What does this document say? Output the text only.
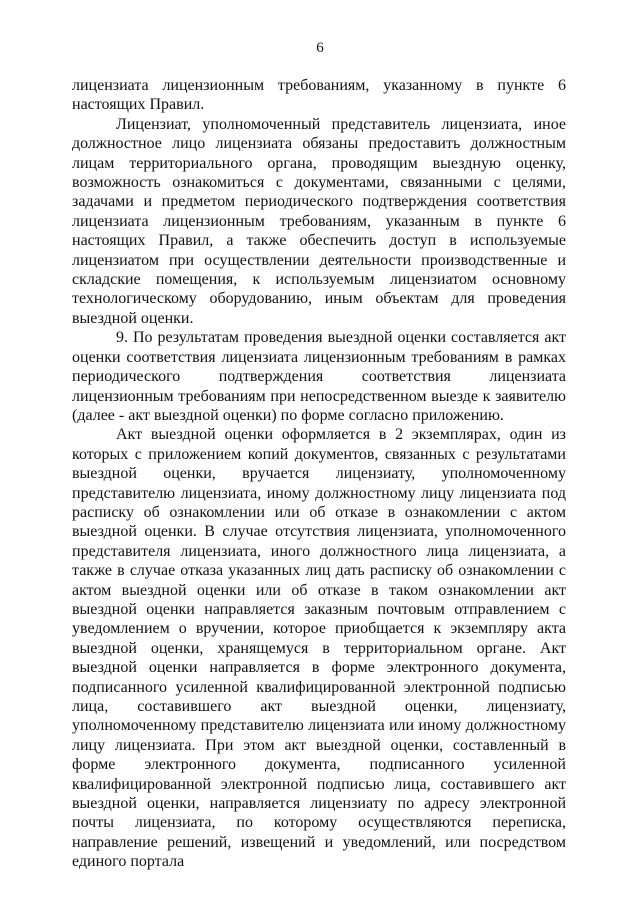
6

лицензиата лицензионным требованиям, указанному в пункте 6 настоящих Правил.

Лицензиат, уполномоченный представитель лицензиата, иное должностное лицо лицензиата обязаны предоставить должностным лицам территориального органа, проводящим выездную оценку, возможность ознакомиться с документами, связанными с целями, задачами и предметом периодического подтверждения соответствия лицензиата лицензионным требованиям, указанным в пункте 6 настоящих Правил, а также обеспечить доступ в используемые лицензиатом при осуществлении деятельности производственные и складские помещения, к используемым лицензиатом основному технологическому оборудованию, иным объектам для проведения выездной оценки.

9. По результатам проведения выездной оценки составляется акт оценки соответствия лицензиата лицензионным требованиям в рамках периодического подтверждения соответствия лицензиата лицензионным требованиям при непосредственном выезде к заявителю (далее - акт выездной оценки) по форме согласно приложению.

Акт выездной оценки оформляется в 2 экземплярах, один из которых с приложением копий документов, связанных с результатами выездной оценки, вручается лицензиату, уполномоченному представителю лицензиата, иному должностному лицу лицензиата под расписку об ознакомлении или об отказе в ознакомлении с актом выездной оценки. В случае отсутствия лицензиата, уполномоченного представителя лицензиата, иного должностного лица лицензиата, а также в случае отказа указанных лиц дать расписку об ознакомлении с актом выездной оценки или об отказе в таком ознакомлении акт выездной оценки направляется заказным почтовым отправлением с уведомлением о вручении, которое приобщается к экземпляру акта выездной оценки, хранящемуся в территориальном органе. Акт выездной оценки направляется в форме электронного документа, подписанного усиленной квалифицированной электронной подписью лица, составившего акт выездной оценки, лицензиату, уполномоченному представителю лицензиата или иному должностному лицу лицензиата. При этом акт выездной оценки, составленный в форме электронного документа, подписанного усиленной квалифицированной электронной подписью лица, составившего акт выездной оценки, направляется лицензиату по адресу электронной почты лицензиата, по которому осуществляются переписка, направление решений, извещений и уведомлений, или посредством единого портала
